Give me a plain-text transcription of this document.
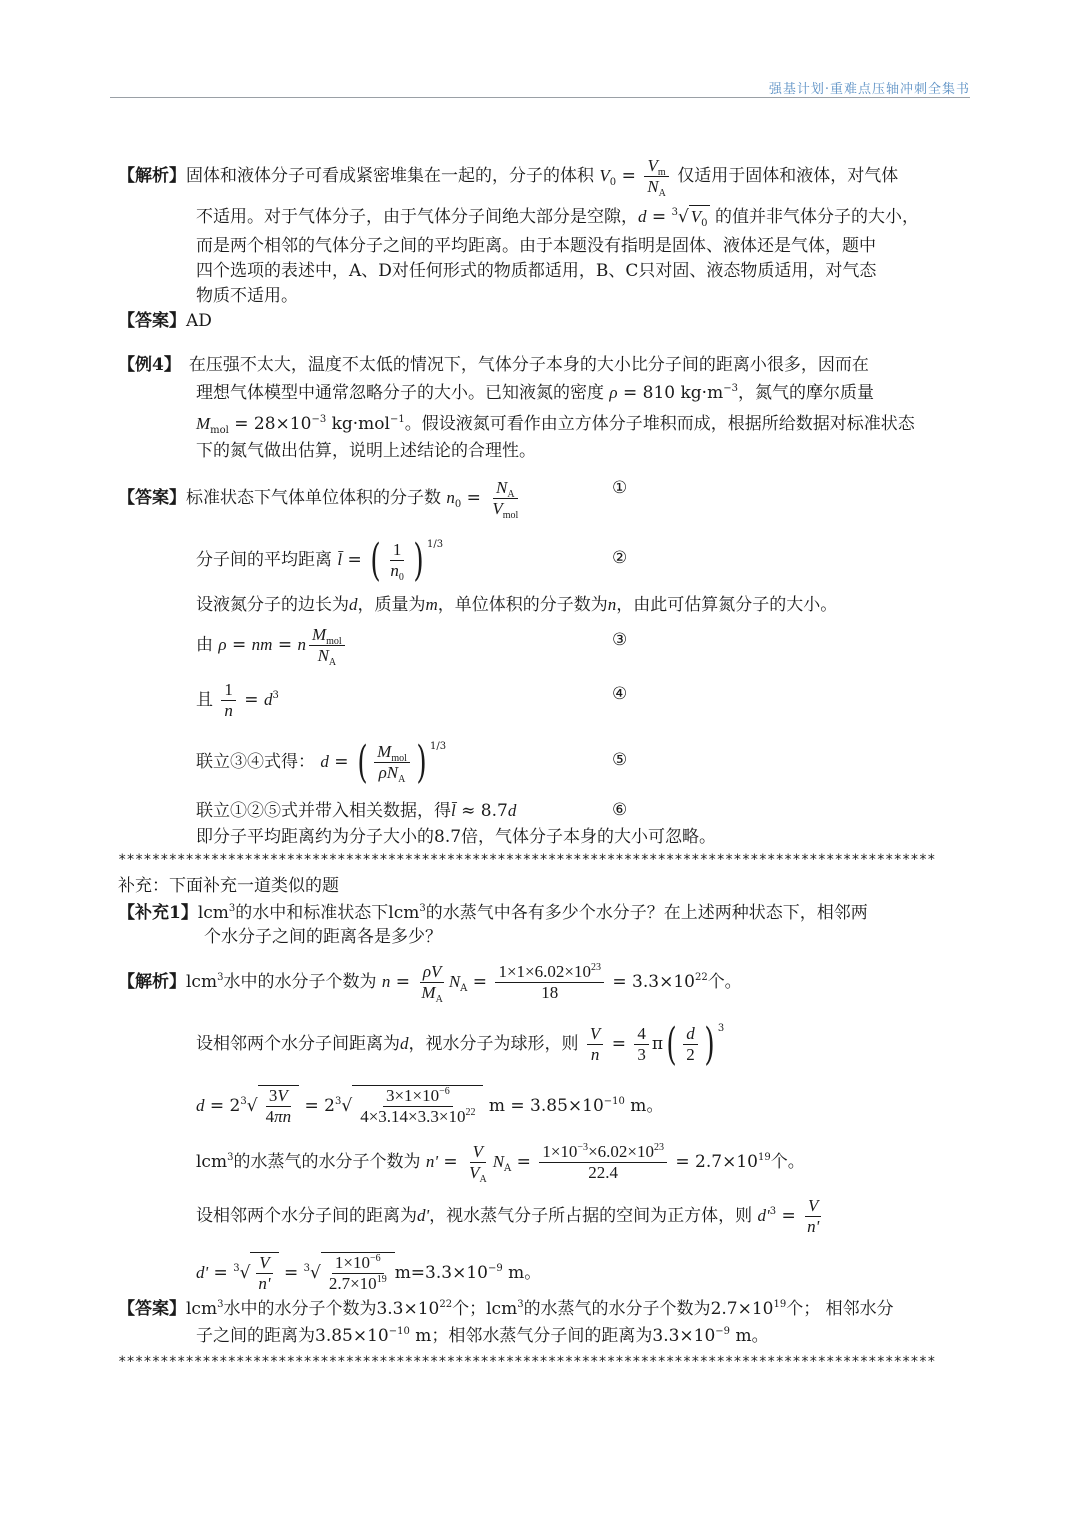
强基计划·重难点压轴冲刺全集书
【解析】固体和液体分子可看成紧密堆集在一起的，分子的体积 $V_0 = \frac{V_m}{N_A}$ 仅适用于固体和液体，对气体
不适用。对于气体分子，由于气体分子间绝大部分是空隙，d = $^3$√ $V_0$ 的值并非气体分子的大小，
而是两个相邻的气体分子之间的平均距离。由于本题没有指明是固体、液体还是气体，题中
四个选项的表述中，A、D对任何形式的物质都适用，B、C只对固、液态物质适用，对气态
物质不适用。
【答案】AD
【例4】 在压强不太大，温度不太低的情况下，气体分子本身的大小比分子间的距离小很多，因而在
理想气体模型中通常忽略分子的大小。已知液氮的密度 ρ = 810 $kg\cdot m^{-3}$，氮气的摩尔质量
$M_{mol} = 28\times 10^{-3}$ kg·mol$^{-1}$。假设液氮可看作由立方体分子堆积而成，根据所给数据对标准状态
下的氮气做出估算，说明上述结论的合理性。
【答案】标准状态下气体单位体积的分子数 $n_0 = \frac{N_A}{V_{mol}}$	①
分子间的平均距离 l̄ = ( $\frac{1}{n_0}$ ) $^{1/3}$
②
设液氮分子的边长为d，质量为m，单位体积的分子数为n，由此可估算氮分子的大小。
由 ρ = nm = n $\frac{M_{mol}}{N_A}$	③
且 $\frac{1}{n} = d^3$	④
联立③④式得： d = ( $\frac{M_{mol}}{\rho N_A}$ ) $^{1/3}$
⑤
联立①②⑤式并带入相关数据，得l̄ ≈ 8.7d	⑥
即分子平均距离约为分子大小的8.7倍，气体分子本身的大小可忽略。
*************************************************************************************************
补充：下面补充一道类似的题
【补充1】lcm$^3$的水中和标准状态下lcm$^3$的水蒸气中各有多少个水分子？在上述两种状态下，相邻两
个水分子之间的距离各是多少？
【解析】lcm$^3$水中的水分子个数为 $n = \frac{\rho V}{M_A} N_A = \frac{1\times 1\times 6.02\times 10^{23}}{18} = 3.3\times 10^{22}$个。
设相邻两个水分子间距离为d，视水分子为球形，则 $\frac{V}{n} = \frac{4}{3} \pi( \frac{d}{2}$ ) $^3$
$d = 2^3√ \frac{3V}{4\pi n} = 2^3√ \frac{3\times 1\times 10^{-6}}{4\times 3.14\times 3.3\times 10^{22}}$ $m = 3.85\times 10^{-10}$ m。
lcm$^3$的水蒸气的水分子个数为 $n' = \frac{V}{V_A} N_A = \frac{1\times 10^{-3}\times 6.02\times 10^{23}}{22.4} = 2.7\times 10^{19}$个。
设相邻两个水分子间的距离为d'，视水蒸气分子所占据的空间为正方体，则 $d'^3 = \frac{V}{n'}$
$d' = ^3√ \frac{V}{n'} = ^3√ \frac{1\times 10^{-6}}{2.7\times 10^{19}} m=3.3\times 10^{-9}$ m。
【答案】lcm$^3$水中的水分子个数为$3.3\times 10^{22}$个；lcm$^3$的水蒸气的水分子个数为$2.7\times 10^{19}$个； 相邻水分
子之间的距离为$3.85\times 10^{-10}$ m；相邻水蒸气分子间的距离为$3.3\times 10^{-9}$ m。
*************************************************************************************************
